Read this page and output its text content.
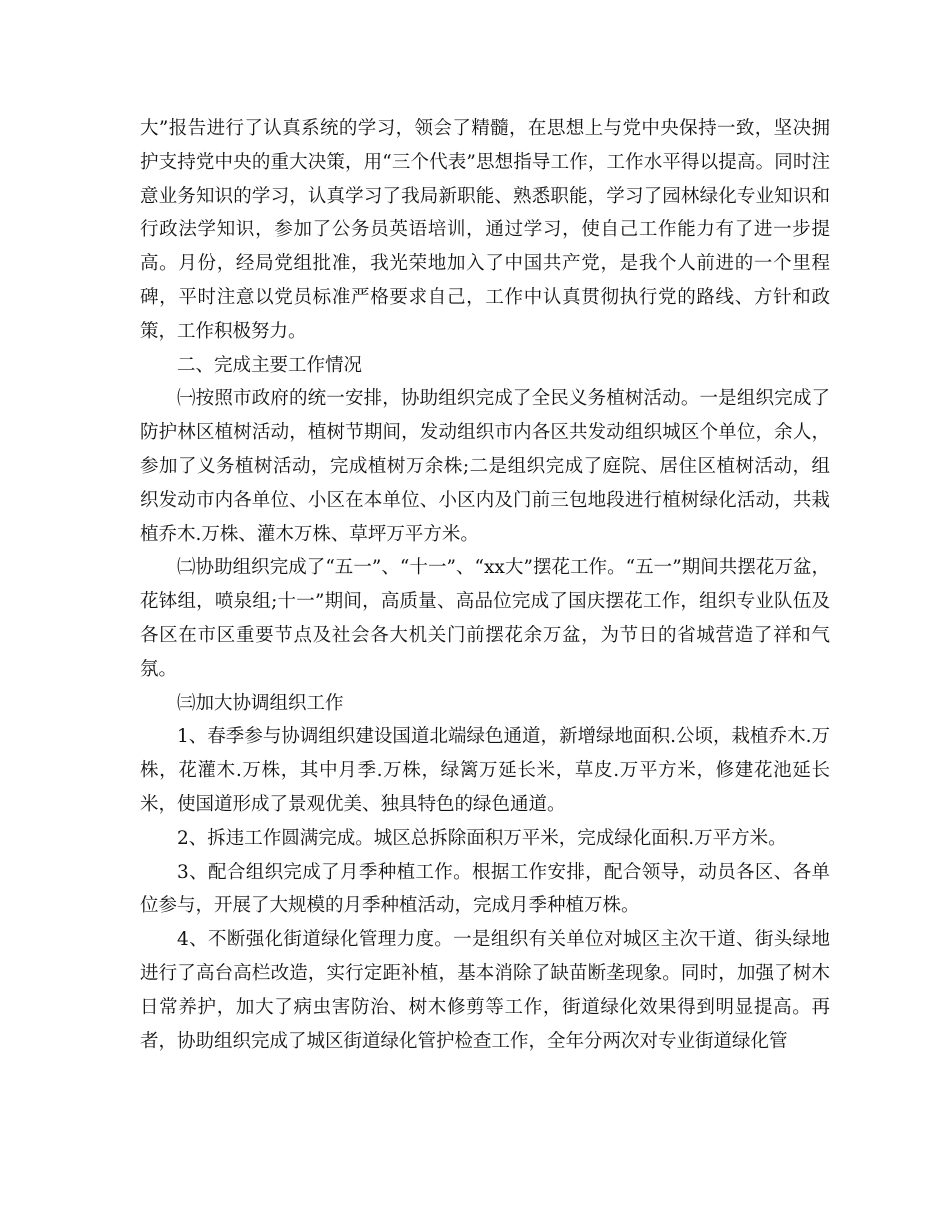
大”报告进行了认真系统的学习，领会了精髓，在思想上与党中央保持一致，坚决拥护支持党中央的重大决策，用“三个代表”思想指导工作，工作水平得以提高。同时注意业务知识的学习，认真学习了我局新职能、熟悉职能，学习了园林绿化专业知识和行政法学知识，参加了公务员英语培训，通过学习，使自己工作能力有了进一步提高。月份，经局党组批准，我光荣地加入了中国共产党，是我个人前进的一个里程碑，平时注意以党员标准严格要求自己，工作中认真贯彻执行党的路线、方针和政策，工作积极努力。

二、完成主要工作情况

㈠按照市政府的统一安排，协助组织完成了全民义务植树活动。一是组织完成了防护林区植树活动，植树节期间，发动组织市内各区共发动组织城区个单位，余人，参加了义务植树活动，完成植树万余株;二是组织完成了庭院、居住区植树活动，组织发动市内各单位、小区在本单位、小区内及门前三包地段进行植树绿化活动，共栽植乔木.万株、灌木万株、草坪万平方米。

㈡协助组织完成了“五一”、“十一”、“xx大”摆花工作。“五一”期间共摆花万盆，花钵组，喷泉组;十一”期间，高质量、高品位完成了国庆摆花工作，组织专业队伍及各区在市区重要节点及社会各大机关门前摆花余万盆，为节日的省城营造了祥和气氛。

㈢加大协调组织工作

1、春季参与协调组织建设国道北端绿色通道，新增绿地面积.公顷，栽植乔木.万株，花灌木.万株，其中月季.万株，绿篱万延长米，草皮.万平方米，修建花池延长米，使国道形成了景观优美、独具特色的绿色通道。

2、拆违工作圆满完成。城区总拆除面积万平米，完成绿化面积.万平方米。

3、配合组织完成了月季种植工作。根据工作安排，配合领导，动员各区、各单位参与，开展了大规模的月季种植活动，完成月季种植万株。

4、不断强化街道绿化管理力度。一是组织有关单位对城区主次干道、街头绿地进行了高台高栏改造，实行定距补植，基本消除了缺苗断垄现象。同时，加强了树木日常养护，加大了病虫害防治、树木修剪等工作，街道绿化效果得到明显提高。再者，协助组织完成了城区街道绿化管护检查工作，全年分两次对专业街道绿化管
